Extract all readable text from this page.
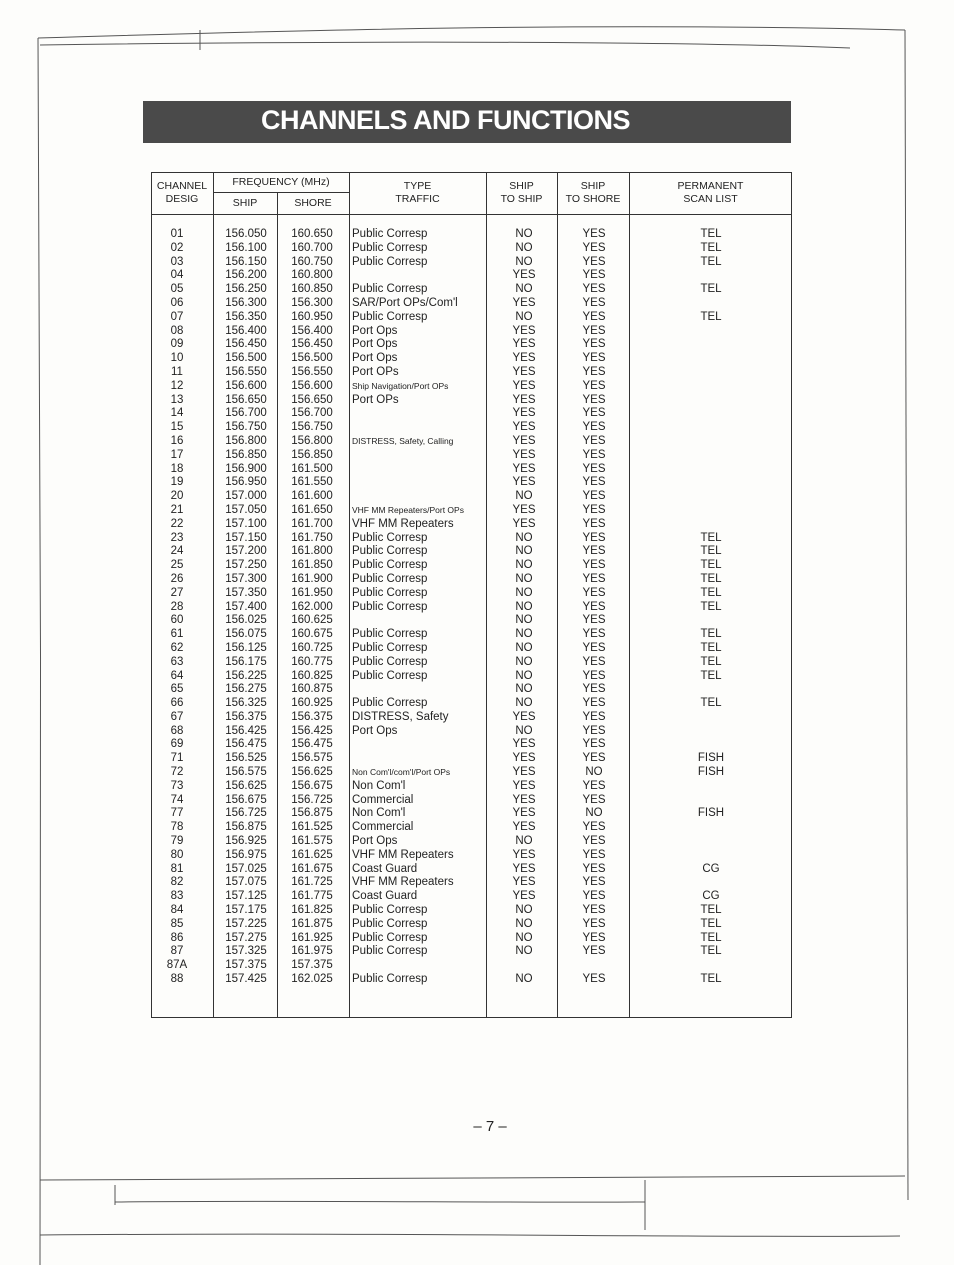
CHANNELS AND FUNCTIONS
CHANNEL
DESIG
FREQUENCY (MHz)
SHIP	SHORE
TYPE
TRAFFIC
SHIP
TO SHIP
SHIP
TO SHORE
PERMANENT
SCAN LIST
01
02
03
04
05
06
07
08
09
10
11
12
13
14
15
16
17
18
19
20
21
22
23
24
25
26
27
28
60
61
62
63
64
65
66
67
68
69
71
72
73
74
77
78
79
80
81
82
83
84
85
86
87
87A
88
156.050
156.100
156.150
156.200
156.250
156.300
156.350
156.400
156.450
156.500
156.550
156.600
156.650
156.700
156.750
156.800
156.850
156.900
156.950
157.000
157.050
157.100
157.150
157.200
157.250
157.300
157.350
157.400
156.025
156.075
156.125
156.175
156.225
156.275
156.325
156.375
156.425
156.475
156.525
156.575
156.625
156.675
156.725
156.875
156.925
156.975
157.025
157.075
157.125
157.175
157.225
157.275
157.325
157.375
157.425
160.650
160.700
160.750
160.800
160.850
156.300
160.950
156.400
156.450
156.500
156.550
156.600
156.650
156.700
156.750
156.800
156.850
161.500
161.550
161.600
161.650
161.700
161.750
161.800
161.850
161.900
161.950
162.000
160.625
160.675
160.725
160.775
160.825
160.875
160.925
156.375
156.425
156.475
156.575
156.625
156.675
156.725
156.875
161.525
161.575
161.625
161.675
161.725
161.775
161.825
161.875
161.925
161.975
157.375
162.025
Public Corresp
Public Corresp
Public Corresp
Public Corresp
SAR/Port OPs/Com'l
Public Corresp
Port Ops
Port Ops
Port Ops
Port OPs
Ship Navigation/Port OPs
Port OPs
DISTRESS, Safety, Calling
VHF MM Repeaters/Port OPs
VHF MM Repeaters
Public Corresp
Public Corresp
Public Corresp
Public Corresp
Public Corresp
Public Corresp
Public Corresp
Public Corresp
Public Corresp
Public Corresp
Public Corresp
DISTRESS, Safety
Port Ops
Non Com'l/com'l/Port OPs
Non Com'l
Commercial
Non Com'l
Commercial
Port Ops
VHF MM Repeaters
Coast Guard
VHF MM Repeaters
Coast Guard
Public Corresp
Public Corresp
Public Corresp
Public Corresp
Public Corresp
NO
NO
NO
YES
NO
YES
NO
YES
YES
YES
YES
YES
YES
YES
YES
YES
YES
YES
YES
NO
YES
YES
NO
NO
NO
NO
NO
NO
NO
NO
NO
NO
NO
NO
NO
YES
NO
YES
YES
YES
YES
YES
YES
YES
NO
YES
YES
YES
YES
NO
NO
NO
NO
NO
YES
YES
YES
YES
YES
YES
YES
YES
YES
YES
YES
YES
YES
YES
YES
YES
YES
YES
YES
YES
YES
YES
YES
YES
YES
YES
YES
YES
YES
YES
YES
YES
YES
YES
YES
YES
YES
YES
YES
NO
YES
YES
NO
YES
YES
YES
YES
YES
YES
YES
YES
YES
YES
YES
TEL
TEL
TEL
TEL
TEL
TEL
TEL
TEL
TEL
TEL
TEL
TEL
TEL
TEL
TEL
TEL
FISH
FISH
FISH
CG
CG
TEL
TEL
TEL
TEL
TEL
– 7 –
